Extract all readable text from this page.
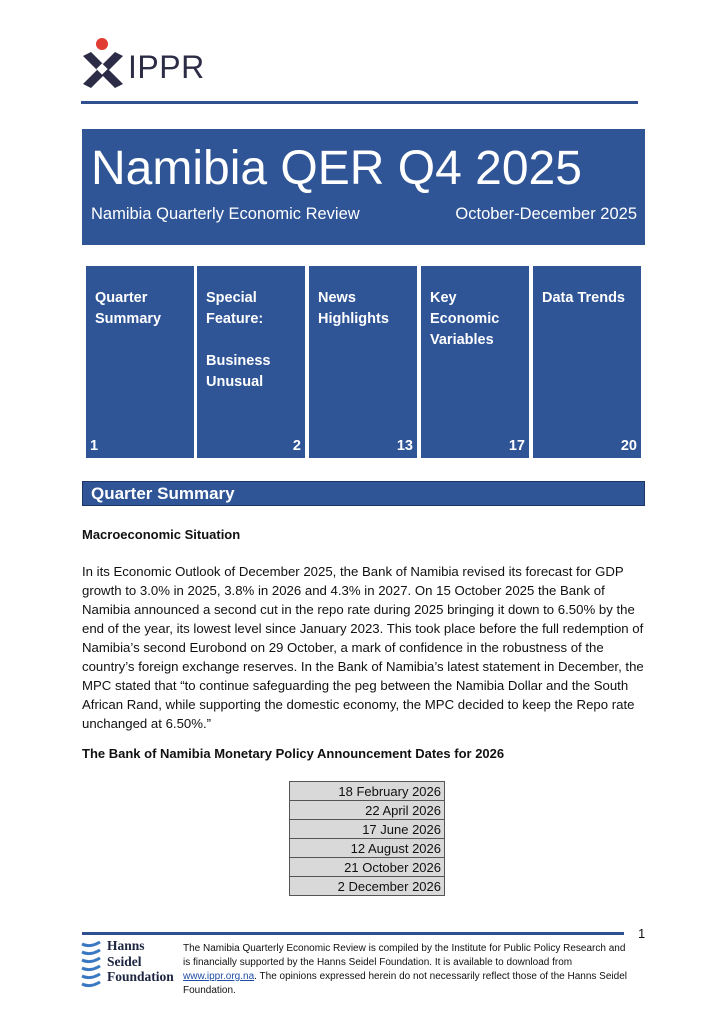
IPPR
Namibia QER Q4 2025
Namibia Quarterly Economic Review	October-December 2025
Quarter
Summary
1
Special
Feature:

Business
Unusual
2
News
Highlights
13
Key
Economic
Variables
17
Data Trends
20
Quarter Summary
Macroeconomic Situation
In its Economic Outlook of December 2025, the Bank of Namibia revised its forecast for GDP growth to 3.0% in 2025, 3.8% in 2026 and 4.3% in 2027. On 15 October 2025 the Bank of Namibia announced a second cut in the repo rate during 2025 bringing it down to 6.50% by the end of the year, its lowest level since January 2023. This took place before the full redemption of Namibia’s second Eurobond on 29 October, a mark of confidence in the robustness of the country’s foreign exchange reserves. In the Bank of Namibia’s latest statement in December, the MPC stated that “to continue safeguarding the peg between the Namibia Dollar and the South African Rand, while supporting the domestic economy, the MPC decided to keep the Repo rate unchanged at 6.50%.”
The Bank of Namibia Monetary Policy Announcement Dates for 2026
18 February 2026
22 April 2026
17 June 2026
12 August 2026
21 October 2026
2 December 2026
1
Hanns
Seidel
Foundation
The Namibia Quarterly Economic Review is compiled by the Institute for Public Policy Research and is financially supported by the Hanns Seidel Foundation. It is available to download from www.ippr.org.na. The opinions expressed herein do not necessarily reflect those of the Hanns Seidel Foundation.
